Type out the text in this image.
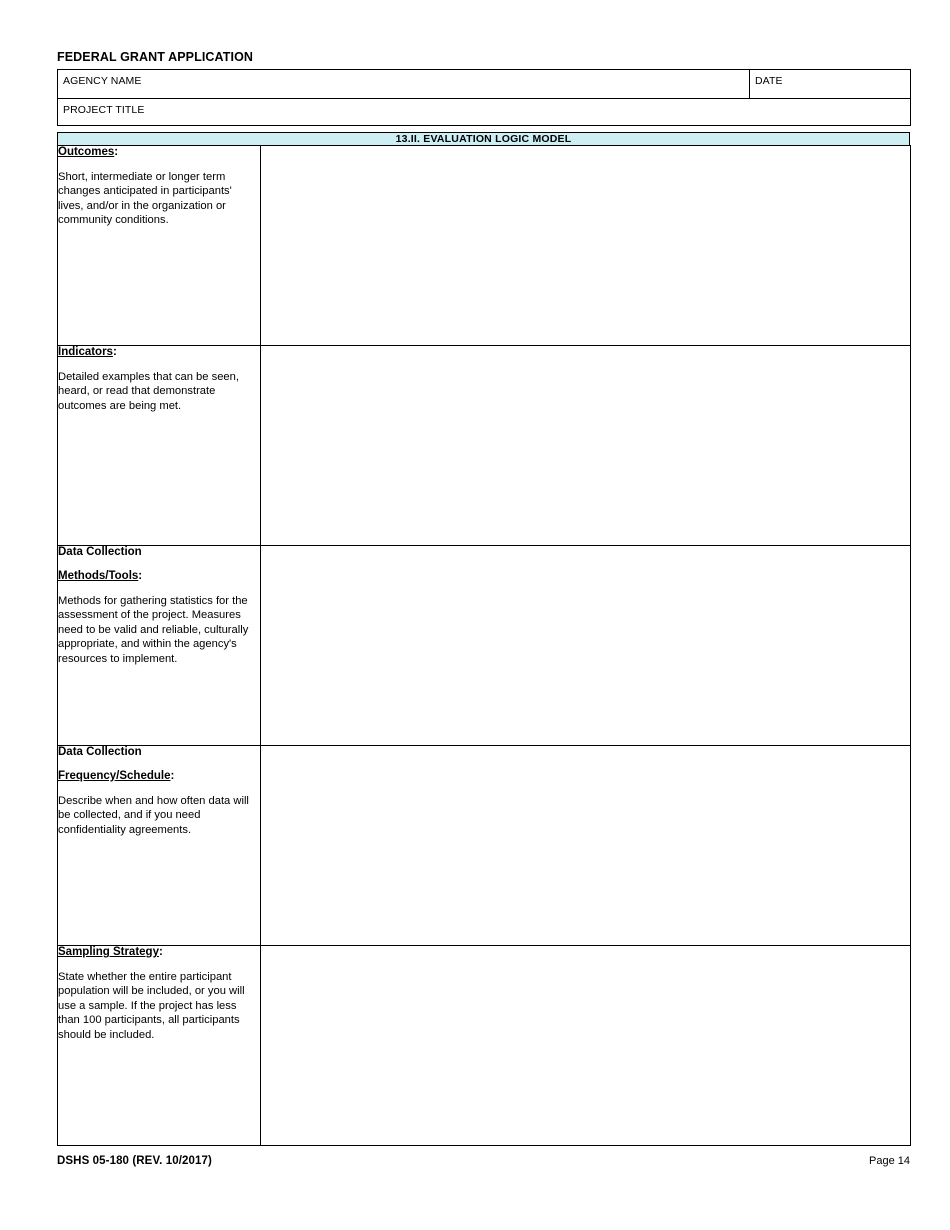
FEDERAL GRANT APPLICATION
AGENCY NAME	DATE

PROJECT TITLE
13.II. EVALUATION LOGIC MODEL
Outcomes:
Short, intermediate or longer term changes anticipated in participants' lives, and/or in the organization or community conditions.

Indicators:
Detailed examples that can be seen, heard, or read that demonstrate outcomes are being met.

Data Collection
Methods/Tools:
Methods for gathering statistics for the assessment of the project. Measures need to be valid and reliable, culturally appropriate, and within the agency's resources to implement.

Data Collection
Frequency/Schedule:
Describe when and how often data will be collected, and if you need confidentiality agreements.

Sampling Strategy:
State whether the entire participant population will be included, or you will use a sample. If the project has less than 100 participants, all participants should be included.

DSHS 05-180 (REV. 10/2017)	Page 14
